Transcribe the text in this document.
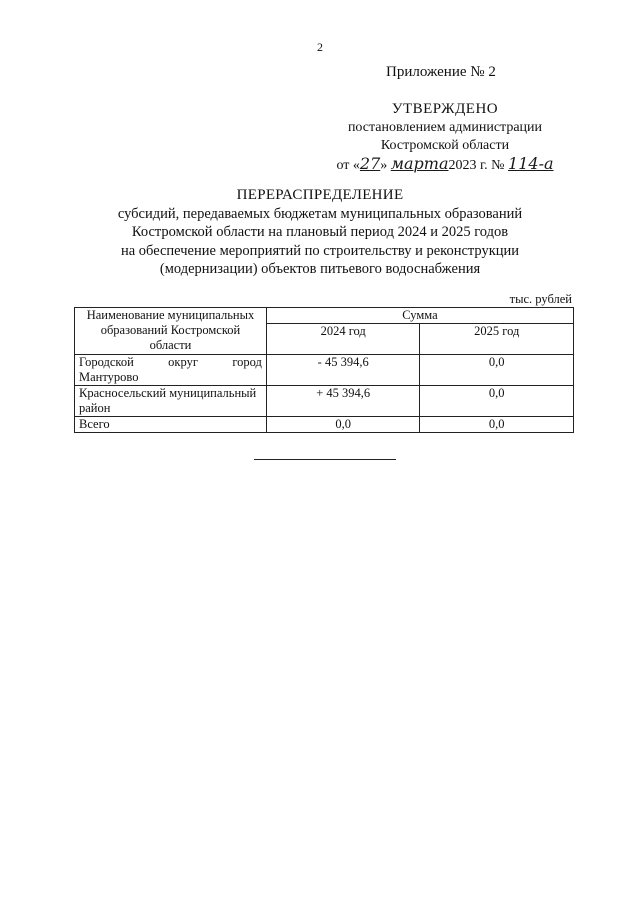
2
Приложение № 2
УТВЕРЖДЕНО
постановлением администрации
Костромской области
от «27» марта2023 г. № 114-а
ПЕРЕРАСПРЕДЕЛЕНИЕ
субсидий, передаваемых бюджетам муниципальных образований
Костромской области на плановый период 2024 и 2025 годов
на обеспечение мероприятий по строительству и реконструкции
(модернизации) объектов питьевого водоснабжения
тыс. рублей
Наименование муниципальных образований Костромской области	Сумма	
	2024 год	2025 год
Городской округ город Мантурово	- 45 394,6	0,0
Красносельский муниципальный район	+ 45 394,6	0,0
Всего	0,0	0,0
